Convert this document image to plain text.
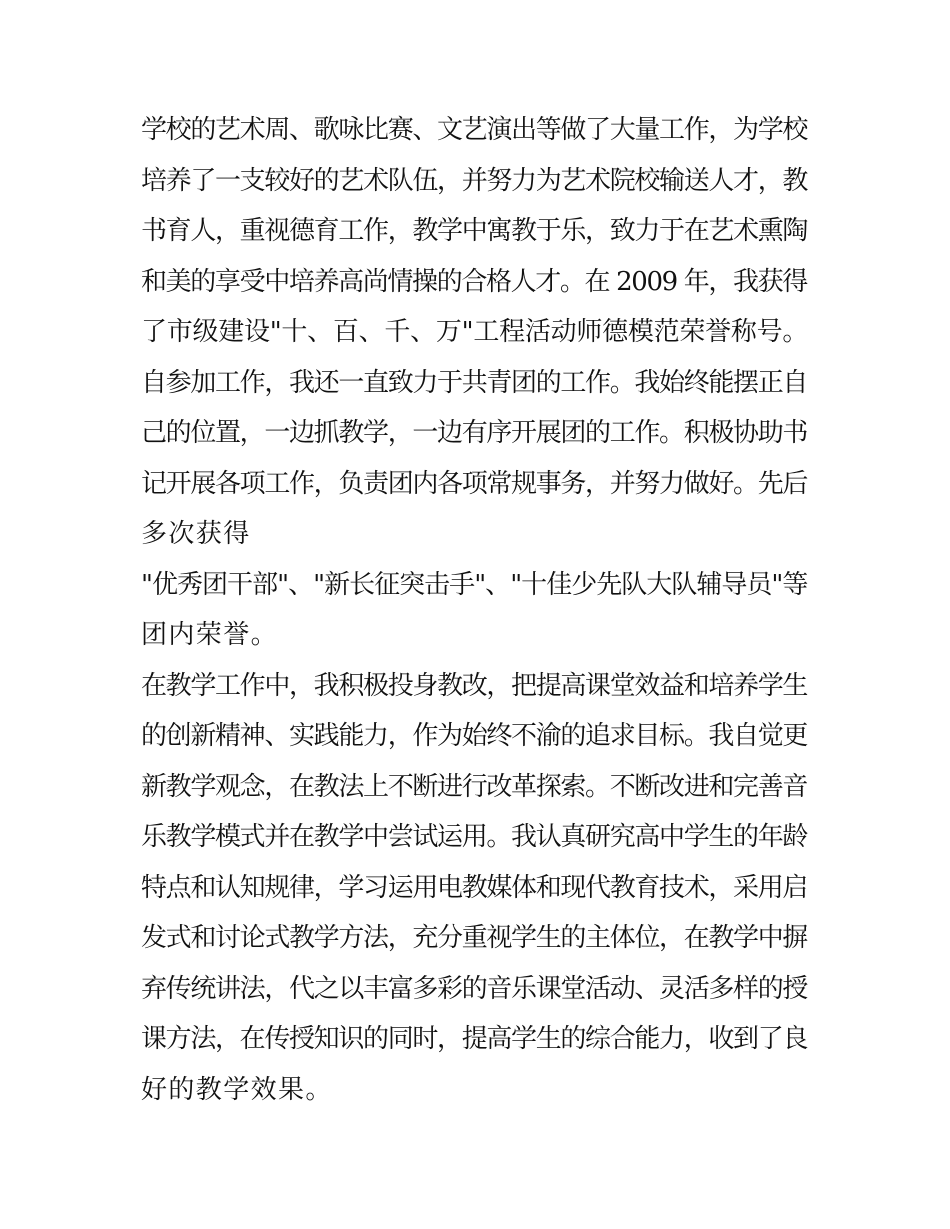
学校的艺术周、歌咏比赛、文艺演出等做了大量工作，为学校
培养了一支较好的艺术队伍，并努力为艺术院校输送人才，教
书育人，重视德育工作，教学中寓教于乐，致力于在艺术熏陶
和美的享受中培养高尚情操的合格人才。在 2009 年，我获得
了市级建设"十、百、千、万"工程活动师德模范荣誉称号。
自参加工作，我还一直致力于共青团的工作。我始终能摆正自
己的位置，一边抓教学，一边有序开展团的工作。积极协助书
记开展各项工作，负责团内各项常规事务，并努力做好。先后
多次获得
"优秀团干部"、"新长征突击手"、"十佳少先队大队辅导员"等
团内荣誉。
在教学工作中，我积极投身教改，把提高课堂效益和培养学生
的创新精神、实践能力，作为始终不渝的追求目标。我自觉更
新教学观念，在教法上不断进行改革探索。不断改进和完善音
乐教学模式并在教学中尝试运用。我认真研究高中学生的年龄
特点和认知规律，学习运用电教媒体和现代教育技术，采用启
发式和讨论式教学方法，充分重视学生的主体位，在教学中摒
弃传统讲法，代之以丰富多彩的音乐课堂活动、灵活多样的授
课方法，在传授知识的同时，提高学生的综合能力，收到了良
好的教学效果。
